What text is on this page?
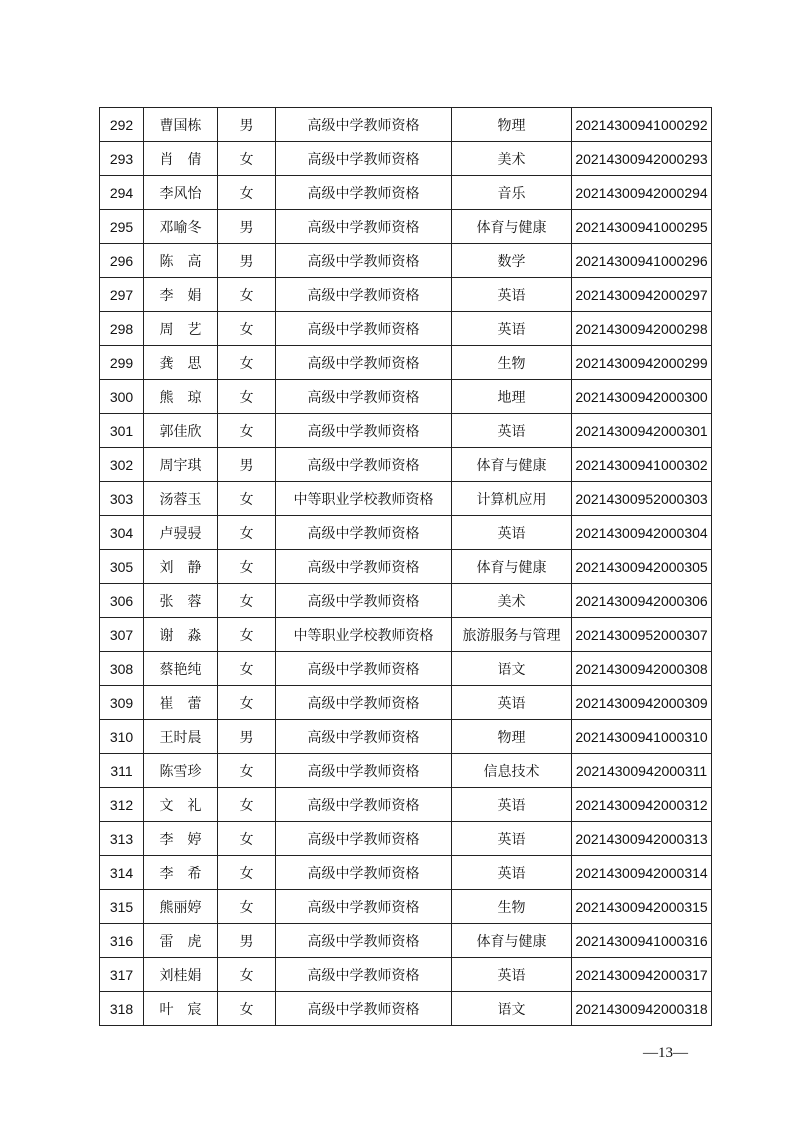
292	曹国栋	男	高级中学教师资格	物理	20214300941000292
293	肖　倩	女	高级中学教师资格	美术	20214300942000293
294	李风怡	女	高级中学教师资格	音乐	20214300942000294
295	邓喻冬	男	高级中学教师资格	体育与健康	20214300941000295
296	陈　高	男	高级中学教师资格	数学	20214300941000296
297	李　娟	女	高级中学教师资格	英语	20214300942000297
298	周　艺	女	高级中学教师资格	英语	20214300942000298
299	龚　思	女	高级中学教师资格	生物	20214300942000299
300	熊　琼	女	高级中学教师资格	地理	20214300942000300
301	郭佳欣	女	高级中学教师资格	英语	20214300942000301
302	周宇琪	男	高级中学教师资格	体育与健康	20214300941000302
303	汤蓉玉	女	中等职业学校教师资格	计算机应用	20214300952000303
304	卢骎骎	女	高级中学教师资格	英语	20214300942000304
305	刘　静	女	高级中学教师资格	体育与健康	20214300942000305
306	张　蓉	女	高级中学教师资格	美术	20214300942000306
307	谢　淼	女	中等职业学校教师资格	旅游服务与管理	20214300952000307
308	蔡艳纯	女	高级中学教师资格	语文	20214300942000308
309	崔　蕾	女	高级中学教师资格	英语	20214300942000309
310	王时晨	男	高级中学教师资格	物理	20214300941000310
311	陈雪珍	女	高级中学教师资格	信息技术	20214300942000311
312	文　礼	女	高级中学教师资格	英语	20214300942000312
313	李　婷	女	高级中学教师资格	英语	20214300942000313
314	李　希	女	高级中学教师资格	英语	20214300942000314
315	熊丽婷	女	高级中学教师资格	生物	20214300942000315
316	雷　虎	男	高级中学教师资格	体育与健康	20214300941000316
317	刘桂娟	女	高级中学教师资格	英语	20214300942000317
318	叶　宸	女	高级中学教师资格	语文	20214300942000318
—13—
